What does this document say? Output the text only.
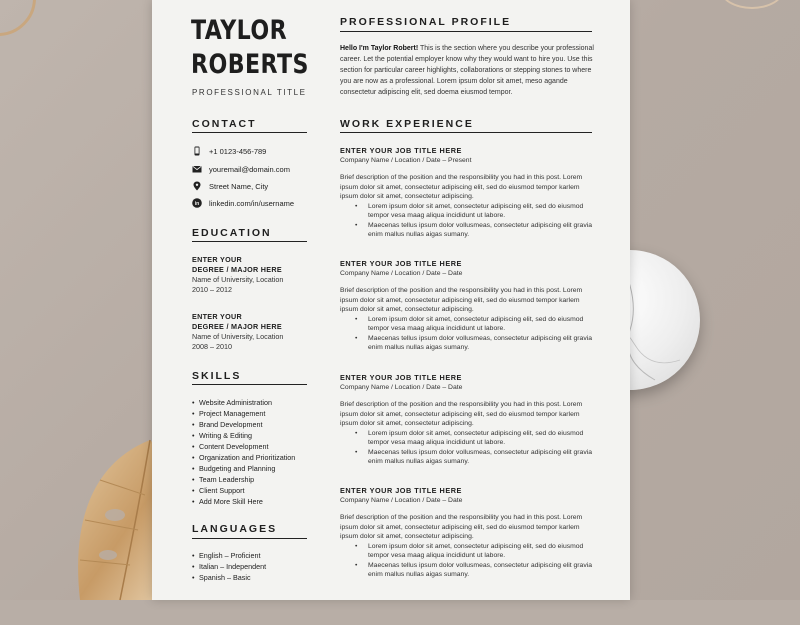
TAYLOR
ROBERTS
PROFESSIONAL TITLE
CONTACT
+1 0123-456-789
youremail@domain.com
Street Name, City
in linkedin.com/in/username
EDUCATION
ENTER YOUR
DEGREE / MAJOR HERE
Name of University, Location
2010 – 2012
ENTER YOUR
DEGREE / MAJOR HERE
Name of University, Location
2008 – 2010
SKILLS
• Website Administration
• Project Management
• Brand Development
• Writing & Editing
• Content Development
• Organization and Prioritization
• Budgeting and Planning
• Team Leadership
• Client Support
• Add More Skill Here
LANGUAGES
• English – Proficient
• Italian – Independent
• Spanish – Basic
PROFESSIONAL PROFILE
Hello I'm Taylor Robert! This is the section where you describe your professional career. Let the potential employer know why they would want to hire you. Use this section for particular career highlights, collaborations or stepping stones to where you are now as a professional. Lorem ipsum dolor sit amet, meso agande consectetur adipiscing elit, sed doema eiusmod tempor.
WORK EXPERIENCE
ENTER YOUR JOB TITLE HERE
Company Name / Location / Date – Present
Brief description of the position and the responsibility you had in this post. Lorem ipsum dolor sit amet, consectetur adipiscing elit, sed do eiusmod tempor karlem ipsum dolor sit amet, consectetur adipiscing.
• Lorem ipsum dolor sit amet, consectetur adipiscing elit, sed do eiusmod tempor vesa maag aliqua incididunt ut labore.
• Maecenas tellus ipsum dolor vollusmeas, consectetur adipiscing elit gravia enim mallus nullas aigas sumany.
ENTER YOUR JOB TITLE HERE
Company Name / Location / Date – Date
Brief description of the position and the responsibility you had in this post. Lorem ipsum dolor sit amet, consectetur adipiscing elit, sed do eiusmod tempor karlem ipsum dolor sit amet, consectetur adipiscing.
• Lorem ipsum dolor sit amet, consectetur adipiscing elit, sed do eiusmod tempor vesa maag aliqua incididunt ut labore.
• Maecenas tellus ipsum dolor vollusmeas, consectetur adipiscing elit gravia enim mallus nullas aigas sumany.
ENTER YOUR JOB TITLE HERE
Company Name / Location / Date – Date
Brief description of the position and the responsibility you had in this post. Lorem ipsum dolor sit amet, consectetur adipiscing elit, sed do eiusmod tempor karlem ipsum dolor sit amet, consectetur adipiscing.
• Lorem ipsum dolor sit amet, consectetur adipiscing elit, sed do eiusmod tempor vesa maag aliqua incididunt ut labore.
• Maecenas tellus ipsum dolor vollusmeas, consectetur adipiscing elit gravia enim mallus nullas aigas sumany.
ENTER YOUR JOB TITLE HERE
Company Name / Location / Date – Date
Brief description of the position and the responsibility you had in this post. Lorem ipsum dolor sit amet, consectetur adipiscing elit, sed do eiusmod tempor karlem ipsum dolor sit amet, consectetur adipiscing.
• Lorem ipsum dolor sit amet, consectetur adipiscing elit, sed do eiusmod tempor vesa maag aliqua incididunt ut labore.
• Maecenas tellus ipsum dolor vollusmeas, consectetur adipiscing elit gravia enim mallus nullas aigas sumany.
